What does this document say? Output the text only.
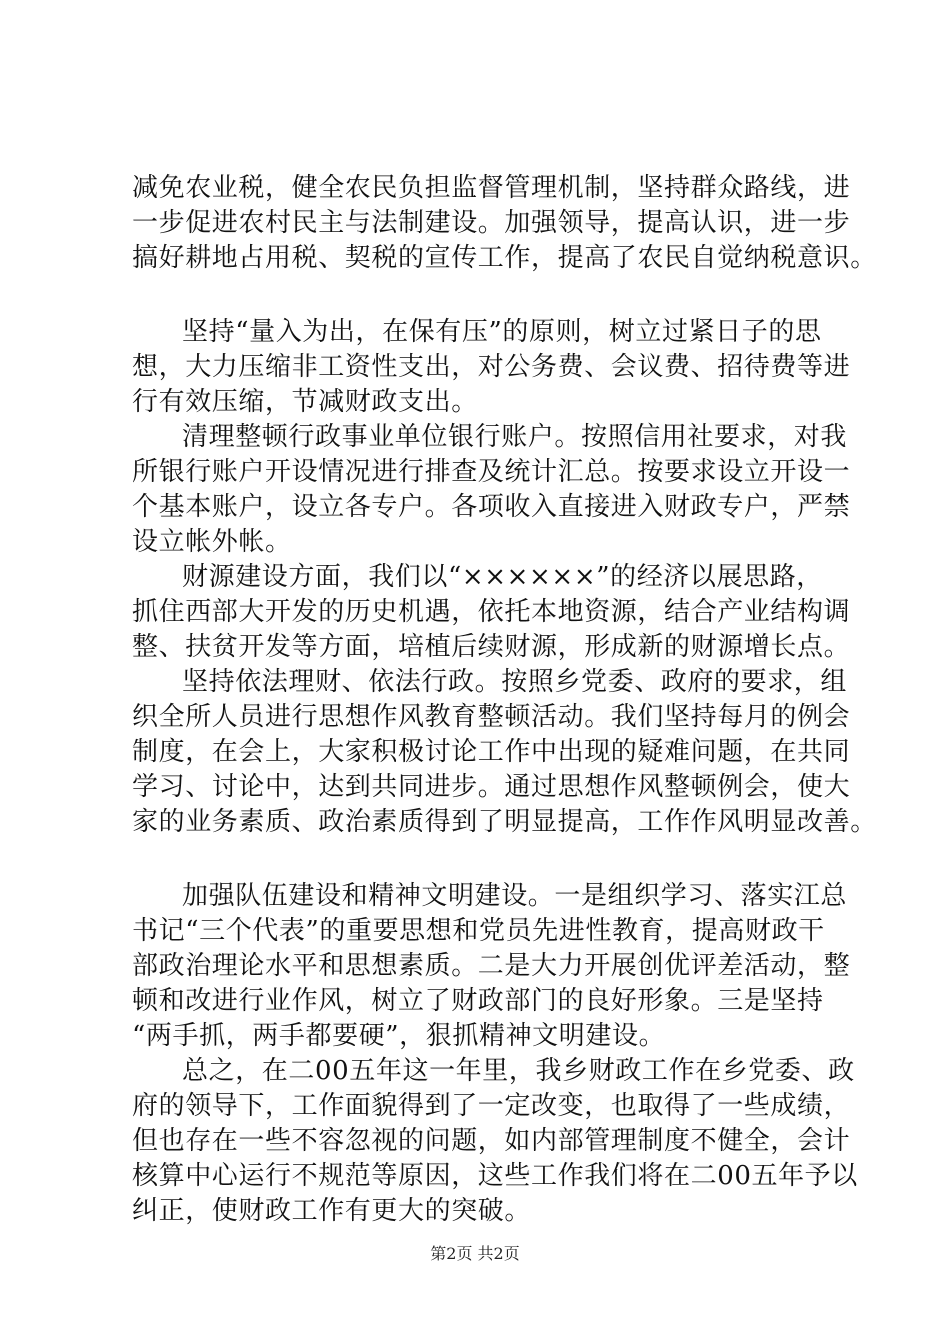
减免农业税，健全农民负担监督管理机制，坚持群众路线，进
一步促进农村民主与法制建设。加强领导，提高认识，进一步
搞好耕地占用税、契税的宣传工作，提高了农民自觉纳税意识。
坚持“量入为出，在保有压”的原则，树立过紧日子的思
想，大力压缩非工资性支出，对公务费、会议费、招待费等进
行有效压缩，节减财政支出。
清理整顿行政事业单位银行账户。按照信用社要求，对我
所银行账户开设情况进行排查及统计汇总。按要求设立开设一
个基本账户，设立各专户。各项收入直接进入财政专户，严禁
设立帐外帐。
财源建设方面，我们以“××××××”的经济以展思路，
抓住西部大开发的历史机遇，依托本地资源，结合产业结构调
整、扶贫开发等方面，培植后续财源，形成新的财源增长点。
坚持依法理财、依法行政。按照乡党委、政府的要求，组
织全所人员进行思想作风教育整顿活动。我们坚持每月的例会
制度，在会上，大家积极讨论工作中出现的疑难问题，在共同
学习、讨论中，达到共同进步。通过思想作风整顿例会，使大
家的业务素质、政治素质得到了明显提高，工作作风明显改善。
加强队伍建设和精神文明建设。一是组织学习、落实江总
书记“三个代表”的重要思想和党员先进性教育，提高财政干
部政治理论水平和思想素质。二是大力开展创优评差活动，整
顿和改进行业作风，树立了财政部门的良好形象。三是坚持
“两手抓，两手都要硬”，狠抓精神文明建设。
总之，在二00五年这一年里，我乡财政工作在乡党委、政
府的领导下，工作面貌得到了一定改变，也取得了一些成绩，
但也存在一些不容忽视的问题，如内部管理制度不健全，会计
核算中心运行不规范等原因，这些工作我们将在二00五年予以
纠正，使财政工作有更大的突破。
第2页 共2页
